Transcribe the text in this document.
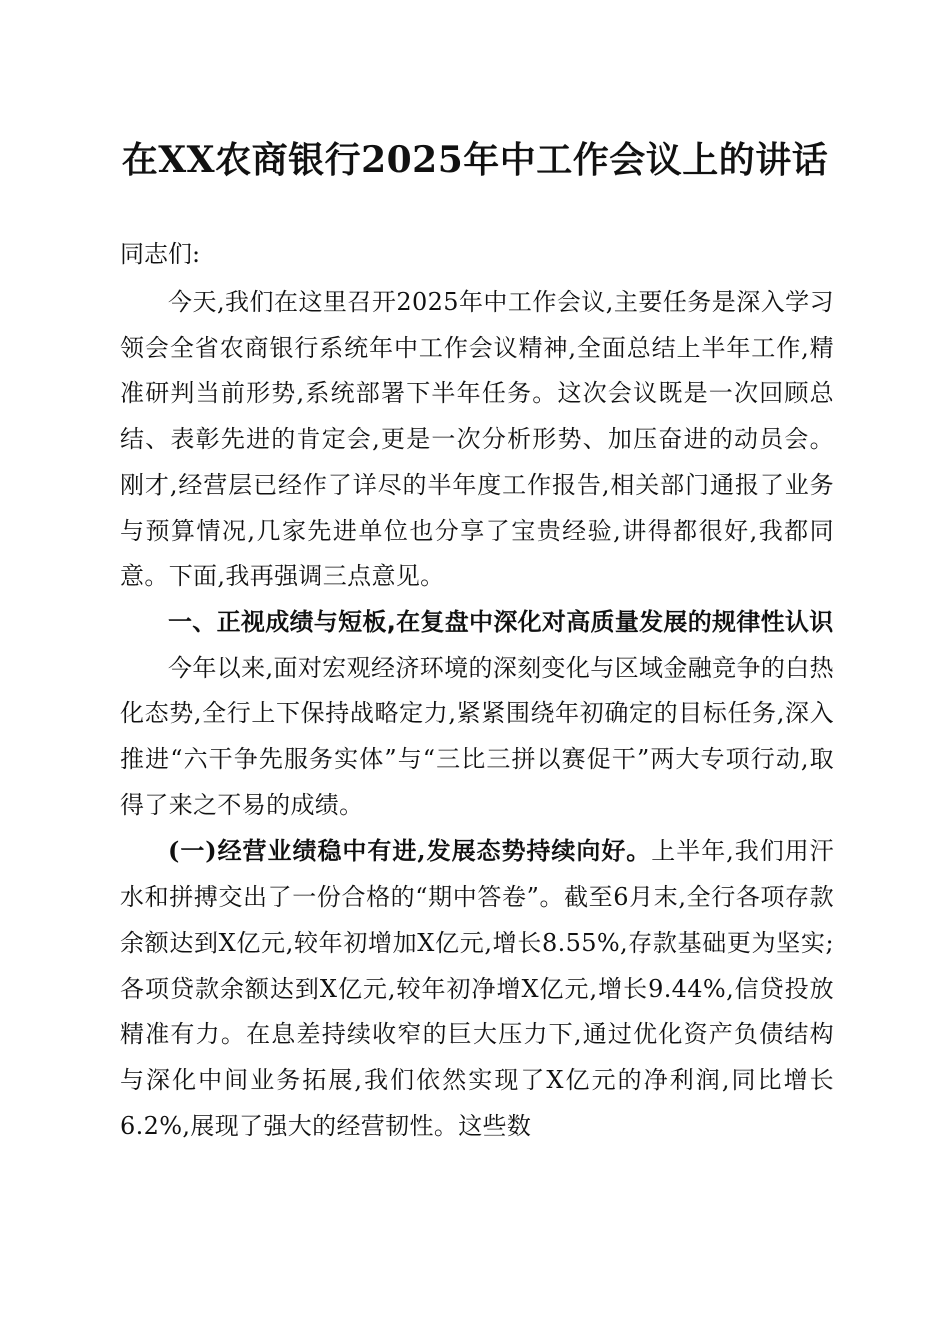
在XX农商银行2025年中工作会议上的讲话

同志们:

今天,我们在这里召开2025年中工作会议,主要任务是深入学习领会全省农商银行系统年中工作会议精神,全面总结上半年工作,精准研判当前形势,系统部署下半年任务。这次会议既是一次回顾总结、表彰先进的肯定会,更是一次分析形势、加压奋进的动员会。刚才,经营层已经作了详尽的半年度工作报告,相关部门通报了业务与预算情况,几家先进单位也分享了宝贵经验,讲得都很好,我都同意。下面,我再强调三点意见。

一、正视成绩与短板,在复盘中深化对高质量发展的规律性认识

今年以来,面对宏观经济环境的深刻变化与区域金融竞争的白热化态势,全行上下保持战略定力,紧紧围绕年初确定的目标任务,深入推进“六干争先服务实体”与“三比三拼以赛促干”两大专项行动,取得了来之不易的成绩。

(一)经营业绩稳中有进,发展态势持续向好。上半年,我们用汗水和拼搏交出了一份合格的“期中答卷”。截至6月末,全行各项存款余额达到X亿元,较年初增加X亿元,增长8.55%,存款基础更为坚实;各项贷款余额达到X亿元,较年初净增X亿元,增长9.44%,信贷投放精准有力。在息差持续收窄的巨大压力下,通过优化资产负债结构与深化中间业务拓展,我们依然实现了X亿元的净利润,同比增长6.2%,展现了强大的经营韧性。这些数
